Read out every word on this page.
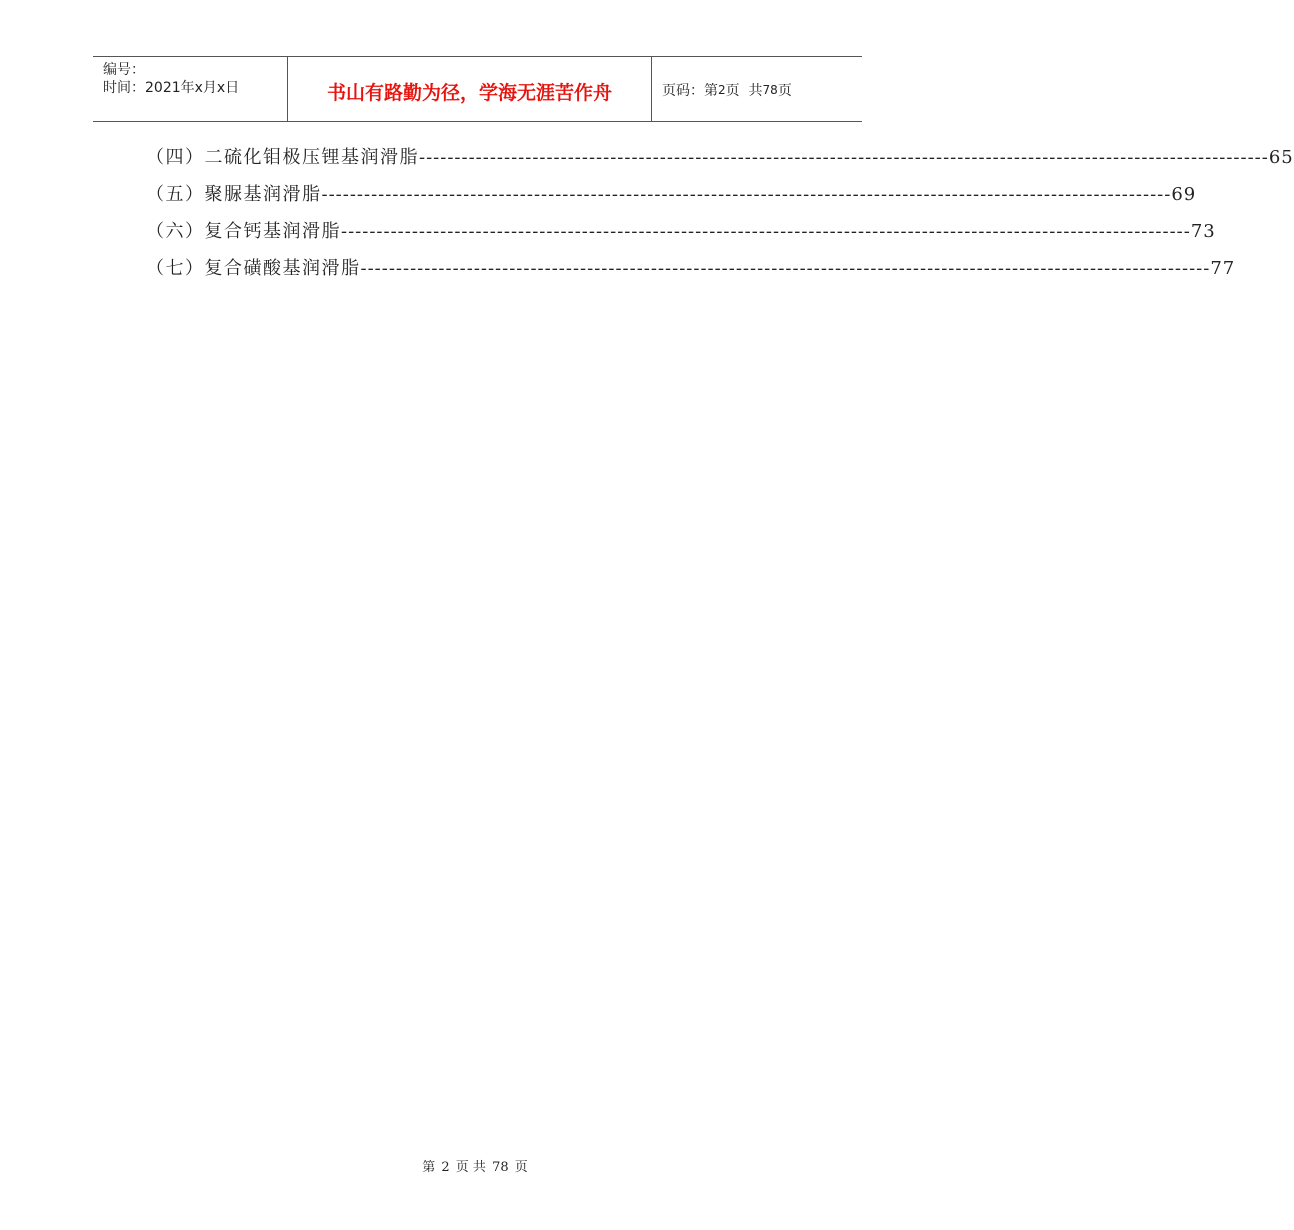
编号：
时间：2021年x月x日	书山有路勤为径，学海无涯苦作舟	页码：第 2 页  共 78 页
（四）二硫化钼极压锂基润滑脂 ------------------------------------------------------------------------------------------------------------------------ 65
（五）聚脲基润滑脂 ------------------------------------------------------------------------------------------------------------------------ 69
（六）复合钙基润滑脂 ------------------------------------------------------------------------------------------------------------------------ 73
（七）复合磺酸基润滑脂 ------------------------------------------------------------------------------------------------------------------------ 77
第 2 页 共 78 页
